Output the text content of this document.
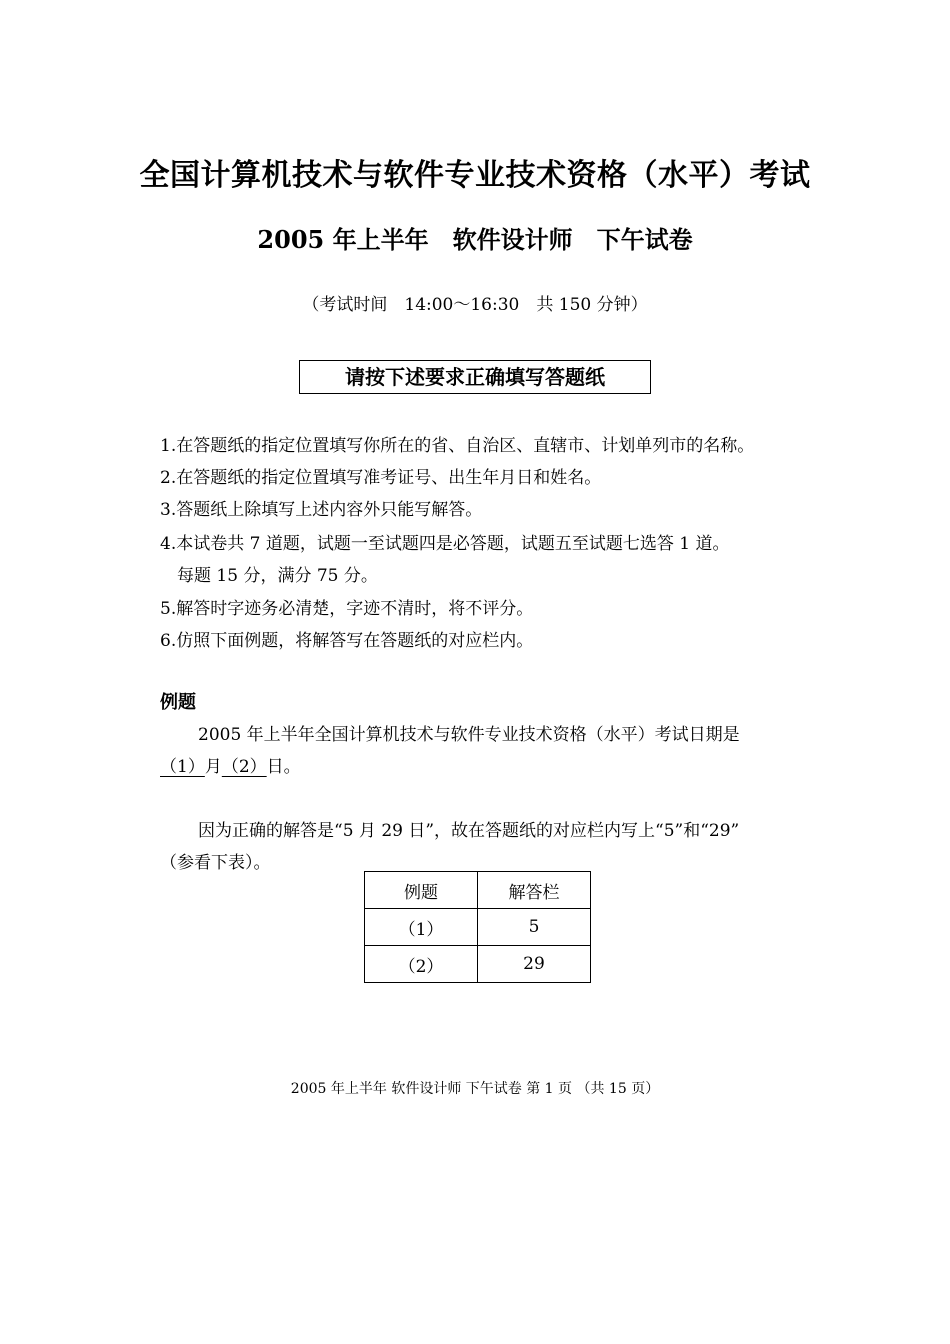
全国计算机技术与软件专业技术资格（水平）考试
2005 年上半年　软件设计师　下午试卷
（考试时间　14:00～16:30　共 150 分钟）
请按下述要求正确填写答题纸
1.在答题纸的指定位置填写你所在的省、自治区、直辖市、计划单列市的名称。
2.在答题纸的指定位置填写准考证号、出生年月日和姓名。
3.答题纸上除填写上述内容外只能写解答。
4.本试卷共 7 道题，试题一至试题四是必答题，试题五至试题七选答 1 道。
　每题 15 分，满分 75 分。
5.解答时字迹务必清楚，字迹不清时，将不评分。
6.仿照下面例题，将解答写在答题纸的对应栏内。
例题
2005 年上半年全国计算机技术与软件专业技术资格（水平）考试日期是
（1）月（2）日。
因为正确的解答是“5 月 29 日”，故在答题纸的对应栏内写上“5”和“29”
（参看下表）。
例题	解答栏
（1）	5
（2）	29
2005 年上半年 软件设计师 下午试卷 第 1 页 （共 15 页）
